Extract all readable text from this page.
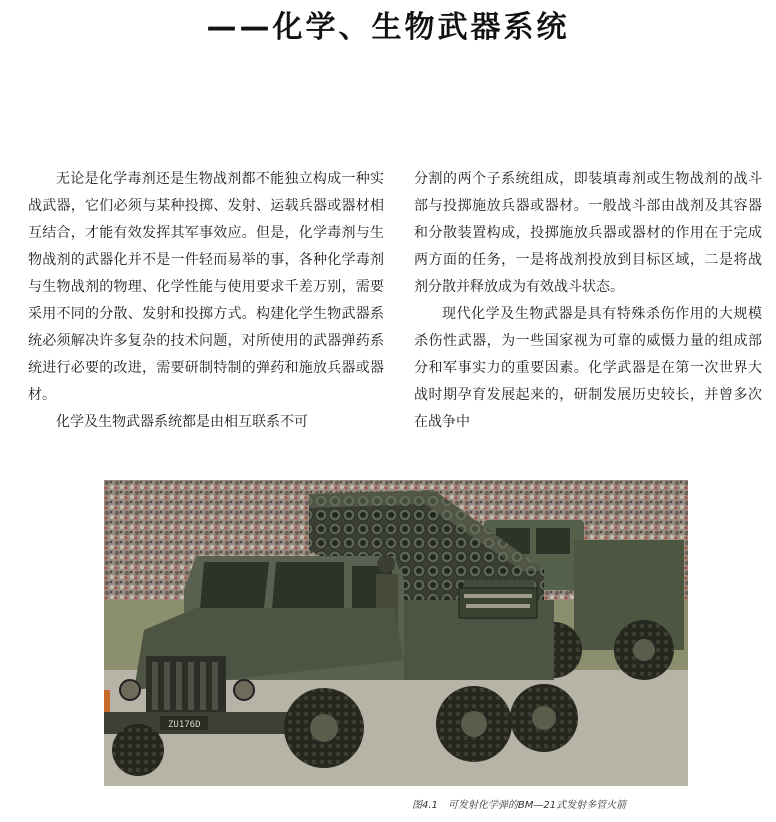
——化学、生物武器系统

无论是化学毒剂还是生物战剂都不能独立构成一种实战武器，它们必须与某种投掷、发射、运载兵器或器材相互结合，才能有效发挥其军事效应。但是，化学毒剂与生物战剂的武器化并不是一件轻而易举的事，各种化学毒剂与生物战剂的物理、化学性能与使用要求千差万别，需要采用不同的分散、发射和投掷方式。构建化学生物武器系统必须解决许多复杂的技术问题，对所使用的武器弹药系统进行必要的改进，需要研制特制的弹药和施放兵器或器材。

化学及生物武器系统都是由相互联系不可

分割的两个子系统组成，即装填毒剂或生物战剂的战斗部与投掷施放兵器或器材。一般战斗部由战剂及其容器和分散装置构成，投掷施放兵器或器材的作用在于完成两方面的任务，一是将战剂投放到目标区域，二是将战剂分散并释放成为有效战斗状态。

现代化学及生物武器是具有特殊杀伤作用的大规模杀伤性武器，为一些国家视为可靠的威慑力量的组成部分和军事实力的重要因素。化学武器是在第一次世界大战时期孕育发展起来的，研制发展历史较长，并曾多次在战争中

ZU176D
图4.1　可发射化学弹的BM—21式发射多管火箭
